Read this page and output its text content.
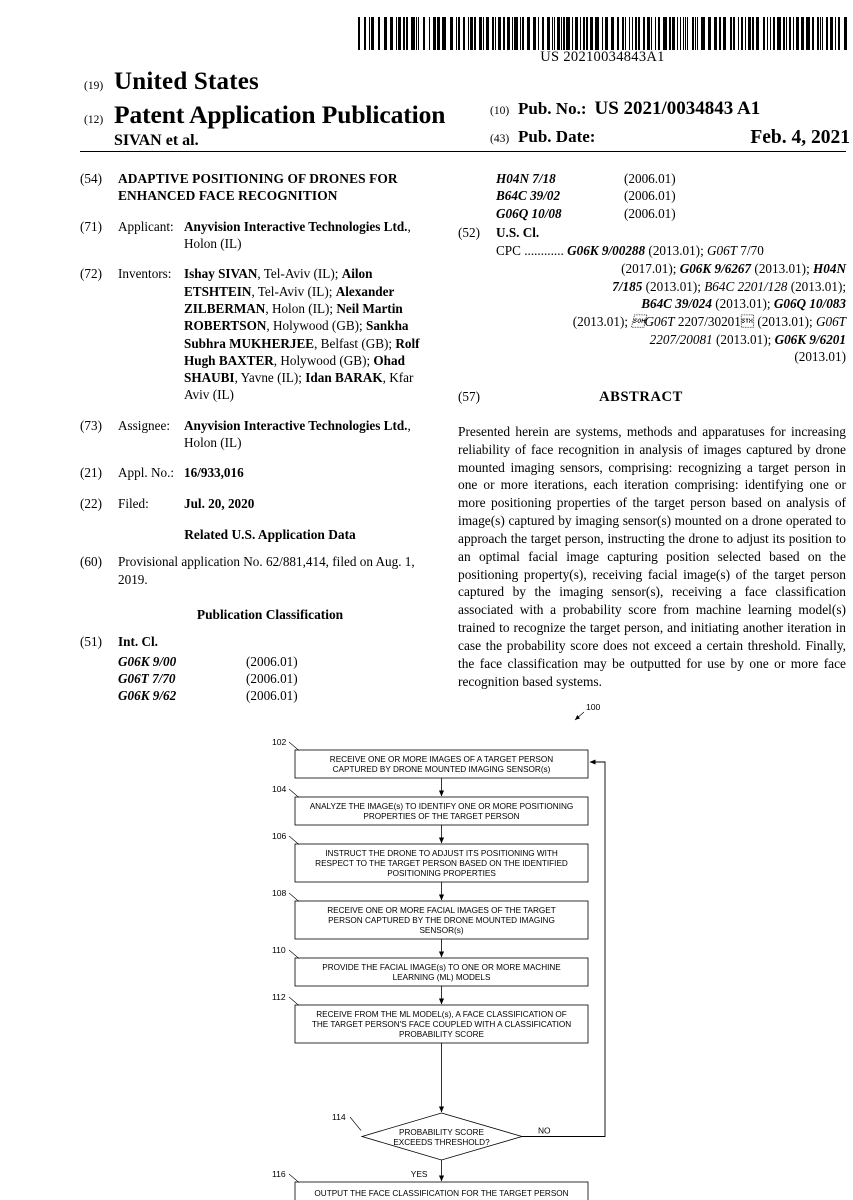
US 20210034843A1
(19) United States
(12) Patent Application Publication
SIVAN et al.
(10) Pub. No.: US 2021/0034843 A1
(43) Pub. Date:	Feb. 4, 2021
(54)	ADAPTIVE POSITIONING OF DRONES FOR ENHANCED FACE RECOGNITION
(71)	Applicant: Anyvision Interactive Technologies Ltd., Holon (IL)
(72)	Inventors: Ishay SIVAN, Tel-Aviv (IL); Ailon ETSHTEIN, Tel-Aviv (IL); Alexander ZILBERMAN, Holon (IL); Neil Martin ROBERTSON, Holywood (GB); Sankha Subhra MUKHERJEE, Belfast (GB); Rolf Hugh BAXTER, Holywood (GB); Ohad SHAUBI, Yavne (IL); Idan BARAK, Kfar Aviv (IL)
(73)	Assignee:	Anyvision Interactive Technologies Ltd., Holon (IL)
(21)	Appl. No.: 16/933,016
(22)	Filed:	Jul. 20, 2020
Related U.S. Application Data
(60)	Provisional application No. 62/881,414, filed on Aug. 1, 2019.
Publication Classification
(51)	Int. Cl.
G06K 9/00	(2006.01)
G06T 7/70	(2006.01)
G06K 9/62	(2006.01)
H04N 7/18	(2006.01)
B64C 39/02	(2006.01)
G06Q 10/08	(2006.01)
(52)	U.S. Cl.
CPC ............ G06K 9/00288 (2013.01); G06T 7/70
(2017.01); G06K 9/6267 (2013.01); H04N
7/185 (2013.01); B64C 2201/128 (2013.01);
B64C 39/024 (2013.01); G06Q 10/083
(2013.01); G06T 2207/30201 (2013.01); G06T
2207/20081 (2013.01); G06K 9/6201
(2013.01)
(57)	ABSTRACT
Presented herein are systems, methods and apparatuses for increasing reliability of face recognition in analysis of images captured by drone mounted imaging sensors, comprising: recognizing a target person in one or more iterations, each iteration comprising: identifying one or more positioning properties of the target person based on analysis of image(s) captured by imaging sensor(s) mounted on a drone operated to approach the target person, instructing the drone to adjust its position to an optimal facial image capturing position selected based on the positioning property(s), receiving facial image(s) of the target person captured by the imaging sensor(s), receiving a face classification associated with a probability score from machine learning model(s) trained to recognize the target person, and initiating another iteration in case the probability score does not exceed a certain threshold. Finally, the face classification may be outputted for use by one or more face recognition based systems.
100
RECEIVE ONE OR MORE IMAGES OF A TARGET PERSON
CAPTURED BY DRONE MOUNTED IMAGING SENSOR(s)
102
ANALYZE THE IMAGE(s) TO IDENTIFY ONE OR MORE POSITIONING
PROPERTIES OF THE TARGET PERSON
104
INSTRUCT THE DRONE TO ADJUST ITS POSITIONING WITH
RESPECT TO THE TARGET PERSON BASED ON THE IDENTIFIED
POSITIONING PROPERTIES
106
RECEIVE ONE OR MORE FACIAL IMAGES OF THE TARGET
PERSON CAPTURED BY THE DRONE MOUNTED IMAGING
SENSOR(s)
108
PROVIDE THE FACIAL IMAGE(s) TO ONE OR MORE MACHINE
LEARNING (ML) MODELS
110
RECEIVE FROM THE ML MODEL(s), A FACE CLASSIFICATION OF
THE TARGET PERSON'S FACE COUPLED WITH A CLASSIFICATION
PROBABILITY SCORE
112
PROBABILITY SCORE
EXCEEDS THRESHOLD?
114
NO
YES
OUTPUT THE FACE CLASSIFICATION FOR THE TARGET PERSON
116
